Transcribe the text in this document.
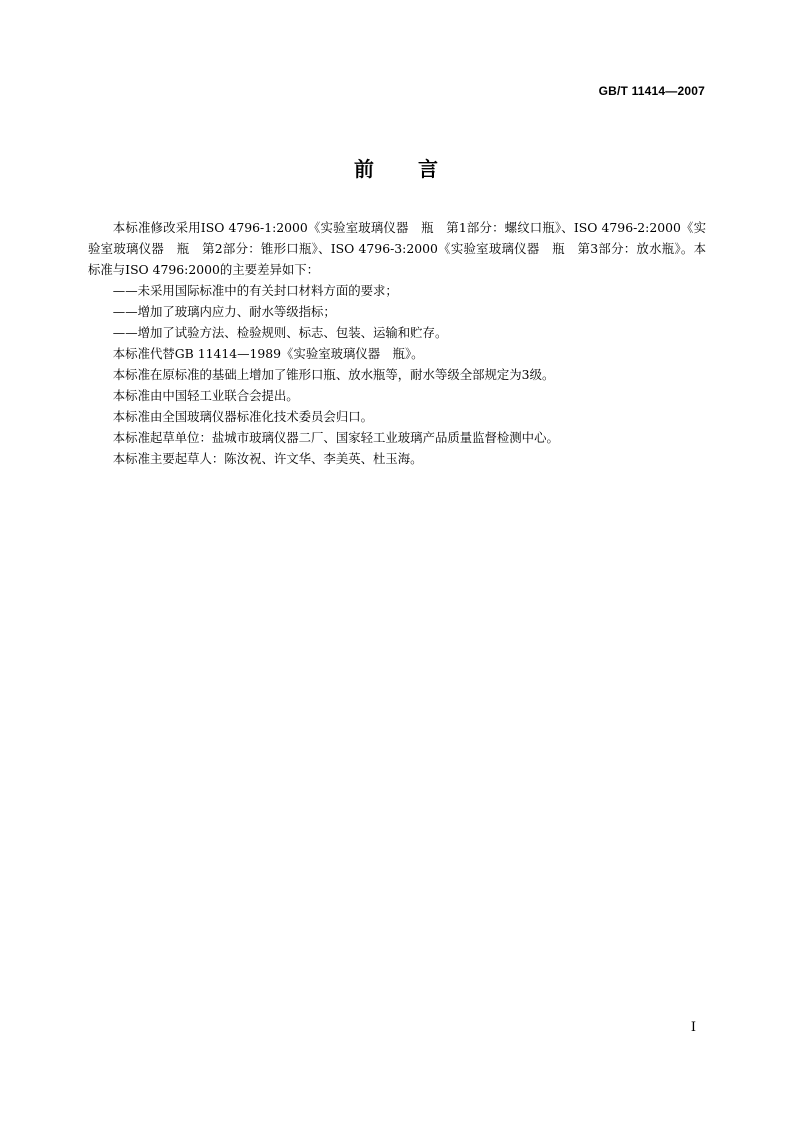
GB/T 11414—2007
前 言

本标准修改采用ISO 4796-1:2000《实验室玻璃仪器　瓶　第1部分：螺纹口瓶》、ISO 4796-2:2000《实验室玻璃仪器　瓶　第2部分：锥形口瓶》、ISO 4796-3:2000《实验室玻璃仪器　瓶　第3部分：放水瓶》。本标准与ISO 4796:2000的主要差异如下：

——未采用国际标准中的有关封口材料方面的要求；

——增加了玻璃内应力、耐水等级指标；

——增加了试验方法、检验规则、标志、包装、运输和贮存。

本标准代替GB 11414—1989《实验室玻璃仪器　瓶》。

本标准在原标准的基础上增加了锥形口瓶、放水瓶等，耐水等级全部规定为3级。

本标准由中国轻工业联合会提出。

本标准由全国玻璃仪器标准化技术委员会归口。

本标准起草单位：盐城市玻璃仪器二厂、国家轻工业玻璃产品质量监督检测中心。

本标准主要起草人：陈汝祝、许文华、李美英、杜玉海。

I
